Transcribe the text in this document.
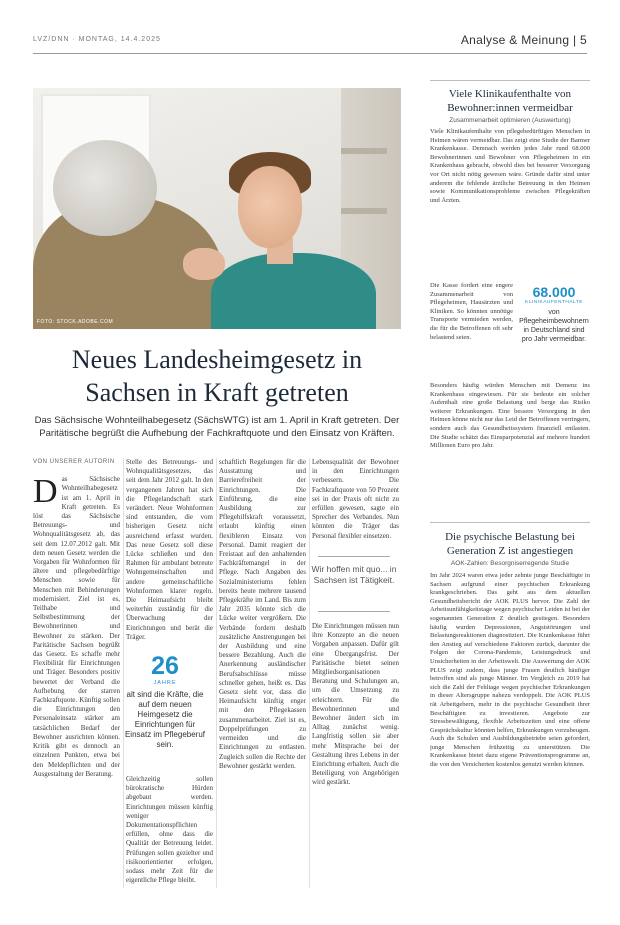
LVZ/DNN · MONTAG, 14.4.2025	Analyse & Meinung | 5
FOTO: STOCK.ADOBE.COM
Neues Landesheimgesetz in
Sachsen in Kraft getreten
Das Sächsische Wohnteilhabegesetz (SächsWTG) ist am 1. April in Kraft getreten. Der Paritätische begrüßt die Aufhebung der Fachkraftquote und den Einsatz von Kräften.
VON UNSERER AUTORIN
D as Sächsische Wohnteilhabegesetz ist am 1. April in Kraft getreten. Es löst das Sächsische Betreuungs- und Wohnqualitätsgesetz ab, das seit dem 12.07.2012 galt. Mit dem neuen Gesetz werden die Vorgaben für Wohnformen für ältere und pflegebedürftige Menschen sowie für Menschen mit Behinderungen modernisiert. Ziel ist es, Teilhabe und Selbstbestimmung der Bewohnerinnen und Bewohner zu stärken. Der Paritätische Sachsen begrüßt das Gesetz. Es schaffe mehr Flexibilität für Einrichtungen und Träger. Besonders positiv bewertet der Verband die Aufhebung der starren Fachkraftquote. Künftig sollen die Einrichtungen den Personaleinsatz stärker am tatsächlichen Bedarf der Bewohner ausrichten können. Kritik gibt es dennoch an einzelnen Punkten, etwa bei den Meldepflichten und der Ausgestaltung der Beratung.

Stelle des Betreuungs- und Wohnqualitätsgesetzes, das seit dem Jahr 2012 galt. In den vergangenen Jahren hat sich die Pflegelandschaft stark verändert. Neue Wohnformen sind entstanden, die vom bisherigen Gesetz nicht ausreichend erfasst wurden. Das neue Gesetz soll diese Lücke schließen und den Rahmen für ambulant betreute Wohngemeinschaften und andere gemeinschaftliche Wohnformen klarer regeln. Die Heimaufsicht bleibt weiterhin zuständig für die Überwachung der Einrichtungen und berät die Träger.

26
JAHRE
alt sind die Kräfte, die auf dem neuen Heimgesetz die Einrichtungen für Einsatz im Pflegeberuf sein.

Gleichzeitig sollen bürokratische Hürden abgebaut werden. Einrichtungen müssen künftig weniger Dokumentationspflichten erfüllen, ohne dass die Qualität der Betreuung leidet. Prüfungen sollen gezielter und risikoorientierter erfolgen, sodass mehr Zeit für die eigentliche Pflege bleibt.

schaftlich Regelungen für die Ausstattung und Barrierefreiheit der Einrichtungen. Die Einführung, die eine Ausbildung zur Pflegehilfskraft voraussetzt, erlaubt künftig einen flexibleren Einsatz von Personal. Damit reagiert der Freistaat auf den anhaltenden Fachkräftemangel in der Pflege. Nach Angaben des Sozialministeriums fehlen bereits heute mehrere tausend Pflegekräfte im Land. Bis zum Jahr 2035 könnte sich die Lücke weiter vergrößern. Die Verbände fordern deshalb zusätzliche Anstrengungen bei der Ausbildung und eine bessere Bezahlung. Auch die Anerkennung ausländischer Berufsabschlüsse müsse schneller gehen, heißt es. Das Gesetz sieht vor, dass die Heimaufsicht künftig enger mit den Pflegekassen zusammenarbeitet. Ziel ist es, Doppelprüfungen zu vermeiden und die Einrichtungen zu entlasten. Zugleich sollen die Rechte der Bewohner gestärkt werden.

Lebensqualität der Bewohner in den Einrichtungen verbessern. Die Fachkraftquote von 50 Prozent sei in der Praxis oft nicht zu erfüllen gewesen, sagte ein Sprecher des Verbandes. Nun könnten die Träger das Personal flexibler einsetzen.

Wir hoffen mit quo... in Sachsen ist Tätigkeit.

Die Einrichtungen müssen nun ihre Konzepte an die neuen Vorgaben anpassen. Dafür gilt eine Übergangsfrist. Der Paritätische bietet seinen Mitgliedsorganisationen Beratung und Schulungen an, um die Umsetzung zu erleichtern. Für die Bewohnerinnen und Bewohner ändert sich im Alltag zunächst wenig. Langfristig sollen sie aber mehr Mitsprache bei der Gestaltung ihres Lebens in der Einrichtung erhalten. Auch die Beteiligung von Angehörigen wird gestärkt.

Viele Klinikaufenthalte von
Bewohner:innen vermeidbar
Zusammenarbeit optimieren (Auswertung)
Viele Klinikaufenthalte von pflegebedürftigen Menschen in Heimen wären vermeidbar. Das zeigt eine Studie der Barmer Krankenkasse. Demnach werden jedes Jahr rund 68.000 Bewohnerinnen und Bewohner von Pflegeheimen in ein Krankenhaus gebracht, obwohl dies bei besserer Versorgung vor Ort nicht nötig gewesen wäre. Gründe dafür sind unter anderem die fehlende ärztliche Betreuung in den Heimen sowie Kommunikationsprobleme zwischen Pflegekräften und Ärzten.
Die Kasse fordert eine engere Zusammenarbeit von Pflegeheimen, Hausärzten und Kliniken. So könnten unnötige Transporte vermieden werden, die für die Betroffenen oft sehr belastend seien.
68.000
KLINIKAUFENTHALTE
von Pflegeheimbewohnern in Deutschland sind pro Jahr vermeidbar.
Besonders häufig würden Menschen mit Demenz ins Krankenhaus eingewiesen. Für sie bedeute ein solcher Aufenthalt eine große Belastung und berge das Risiko weiterer Erkrankungen. Eine bessere Versorgung in den Heimen könne nicht nur das Leid der Betroffenen verringern, sondern auch das Gesundheitssystem finanziell entlasten. Die Studie schätzt das Einsparpotenzial auf mehrere hundert Millionen Euro pro Jahr.
Die psychische Belastung bei
Generation Z ist angestiegen
AOK-Zahlen: Besorgniserregende Studie
Im Jahr 2024 waren etwa jeder zehnte junge Beschäftigte in Sachsen aufgrund einer psychischen Erkrankung krankgeschrieben. Das geht aus dem aktuellen Gesundheitsbericht der AOK PLUS hervor. Die Zahl der Arbeitsunfähigkeitstage wegen psychischer Leiden ist bei der sogenannten Generation Z deutlich gestiegen. Besonders häufig wurden Depressionen, Angststörungen und Belastungsreaktionen diagnostiziert. Die Krankenkasse führt den Anstieg auf verschiedene Faktoren zurück, darunter die Folgen der Corona-Pandemie, Leistungsdruck und Unsicherheiten in der Arbeitswelt. Die Auswertung der AOK PLUS zeigt zudem, dass junge Frauen deutlich häufiger betroffen sind als junge Männer. Im Vergleich zu 2019 hat sich die Zahl der Fehltage wegen psychischer Erkrankungen in dieser Altersgruppe nahezu verdoppelt. Die AOK PLUS rät Arbeitgebern, mehr in die psychische Gesundheit ihrer Beschäftigten zu investieren. Angebote zur Stressbewältigung, flexible Arbeitszeiten und eine offene Gesprächskultur könnten helfen, Erkrankungen vorzubeugen. Auch die Schulen und Ausbildungsbetriebe seien gefordert, junge Menschen frühzeitig zu unterstützen. Die Krankenkasse bietet dazu eigene Präventionsprogramme an, die von den Versicherten kostenlos genutzt werden können.
